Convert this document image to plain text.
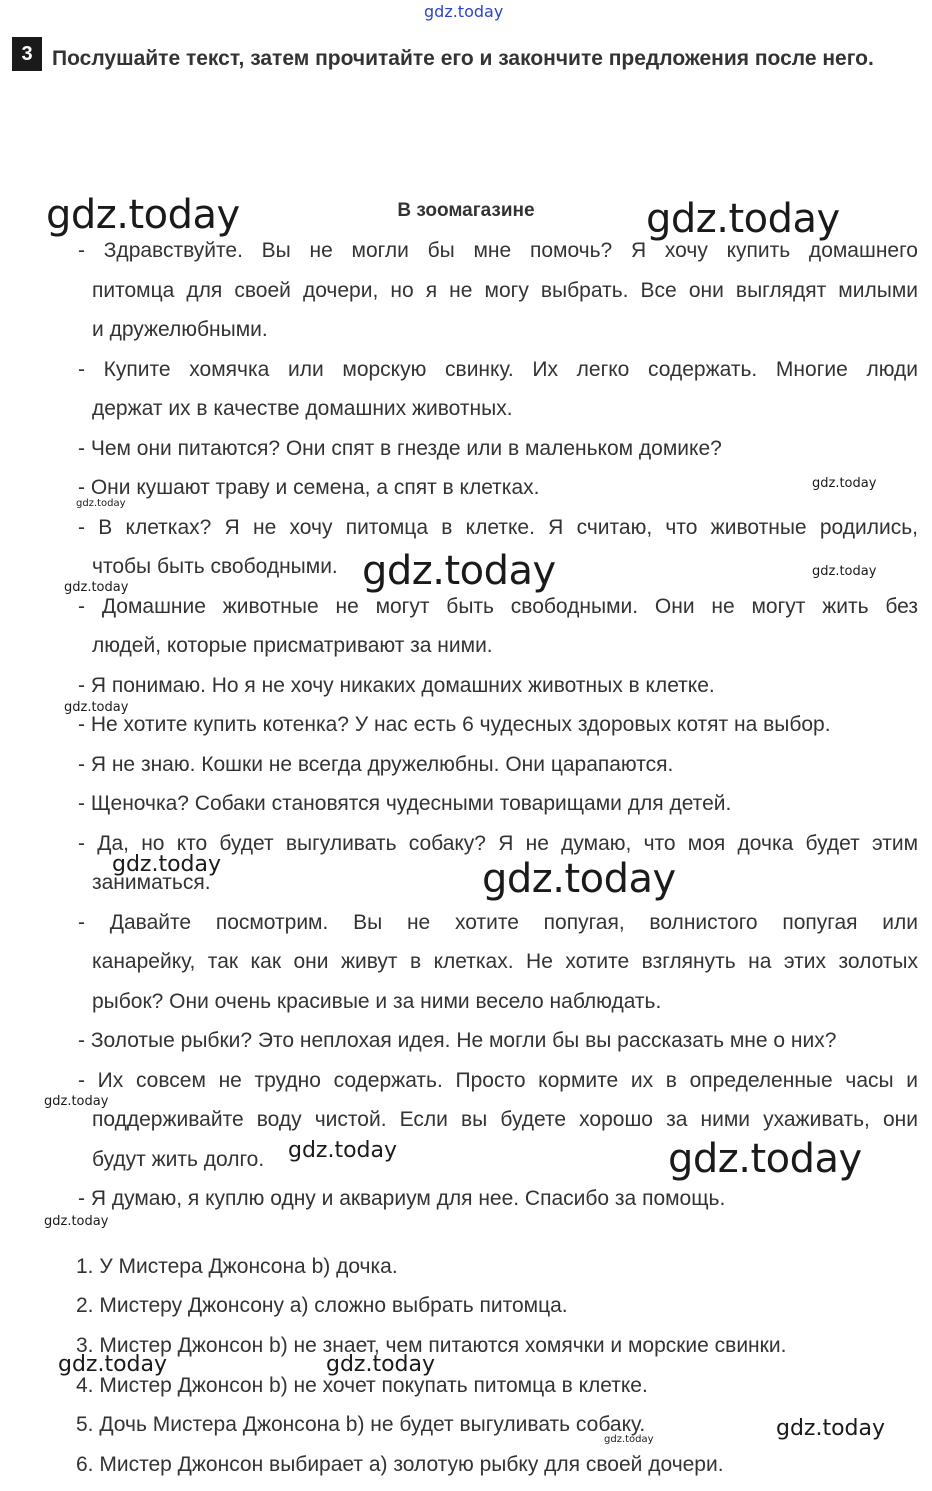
gdz.today
gdz.today	gdz.today
gdz.today
gdz.today
gdz.today	gdz.today
gdz.today
gdz.today
gdz.today	gdz.today
gdz.today
gdz.today	gdz.today
gdz.today
gdz.today	gdz.today
gdz.today	gdz.today
3 Послушайте текст, затем прочитайте его и закончите предложения после него.
В зоомагазине
- Здравствуйте. Вы не могли бы мне помочь? Я хочу купить домашнего
питомца для своей дочери, но я не могу выбрать. Все они выглядят милыми
и дружелюбными.
- Купите хомячка или морскую свинку. Их легко содержать. Многие люди
держат их в качестве домашних животных.
- Чем они питаются? Они спят в гнезде или в маленьком домике?
- Они кушают траву и семена, а спят в клетках.
- В клетках? Я не хочу питомца в клетке. Я считаю, что животные родились,
чтобы быть свободными.
- Домашние животные не могут быть свободными. Они не могут жить без
людей, которые присматривают за ними.
- Я понимаю. Но я не хочу никаких домашних животных в клетке.
- Не хотите купить котенка? У нас есть 6 чудесных здоровых котят на выбор.
- Я не знаю. Кошки не всегда дружелюбны. Они царапаются.
- Щеночка? Собаки становятся чудесными товарищами для детей.
- Да, но кто будет выгуливать собаку? Я не думаю, что моя дочка будет этим
заниматься.
- Давайте посмотрим. Вы не хотите попугая, волнистого попугая или
канарейку, так как они живут в клетках. Не хотите взглянуть на этих золотых
рыбок? Они очень красивые и за ними весело наблюдать.
- Золотые рыбки? Это неплохая идея. Не могли бы вы рассказать мне о них?
- Их совсем не трудно содержать. Просто кормите их в определенные часы и
поддерживайте воду чистой. Если вы будете хорошо за ними ухаживать, они
будут жить долго.
- Я думаю, я куплю одну и аквариум для нее. Спасибо за помощь.
1. У Мистера Джонсона b) дочка.
2. Мистеру Джонсону а) сложно выбрать питомца.
3. Мистер Джонсон b) не знает, чем питаются хомячки и морские свинки.
4. Мистер Джонсон b) не хочет покупать питомца в клетке.
5. Дочь Мистера Джонсона b) не будет выгуливать собаку.
6. Мистер Джонсон выбирает а) золотую рыбку для своей дочери.
